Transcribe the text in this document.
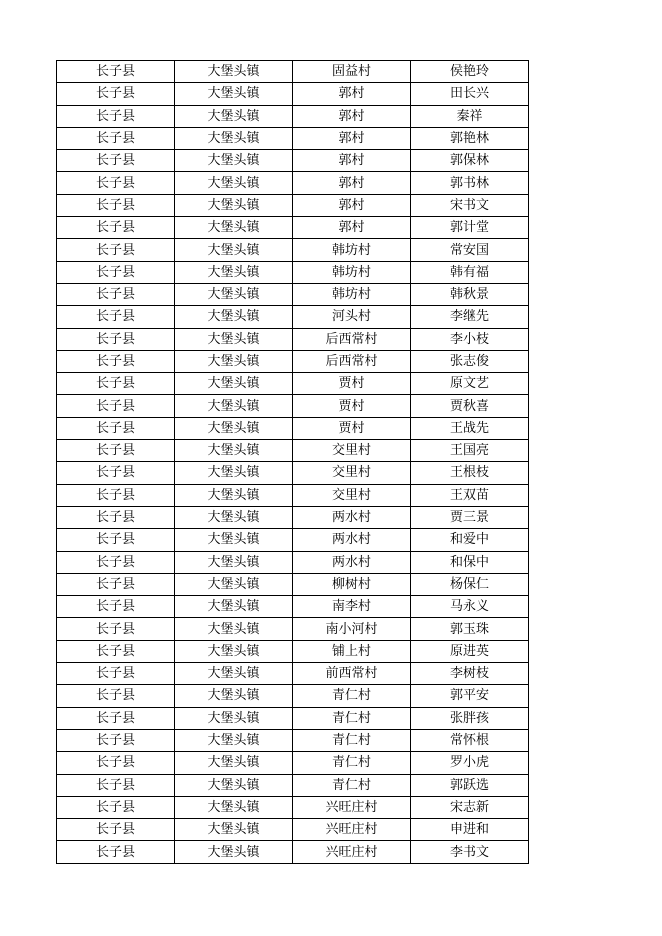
长子县	大堡头镇	固益村	侯艳玲
长子县	大堡头镇	郭村	田长兴
长子县	大堡头镇	郭村	秦祥
长子县	大堡头镇	郭村	郭艳林
长子县	大堡头镇	郭村	郭保林
长子县	大堡头镇	郭村	郭书林
长子县	大堡头镇	郭村	宋书文
长子县	大堡头镇	郭村	郭计堂
长子县	大堡头镇	韩坊村	常安国
长子县	大堡头镇	韩坊村	韩有福
长子县	大堡头镇	韩坊村	韩秋景
长子县	大堡头镇	河头村	李继先
长子县	大堡头镇	后西常村	李小枝
长子县	大堡头镇	后西常村	张志俊
长子县	大堡头镇	贾村	原文艺
长子县	大堡头镇	贾村	贾秋喜
长子县	大堡头镇	贾村	王战先
长子县	大堡头镇	交里村	王国亮
长子县	大堡头镇	交里村	王根枝
长子县	大堡头镇	交里村	王双苗
长子县	大堡头镇	两水村	贾三景
长子县	大堡头镇	两水村	和爱中
长子县	大堡头镇	两水村	和保中
长子县	大堡头镇	柳树村	杨保仁
长子县	大堡头镇	南李村	马永义
长子县	大堡头镇	南小河村	郭玉珠
长子县	大堡头镇	铺上村	原进英
长子县	大堡头镇	前西常村	李树枝
长子县	大堡头镇	青仁村	郭平安
长子县	大堡头镇	青仁村	张胖孩
长子县	大堡头镇	青仁村	常怀根
长子县	大堡头镇	青仁村	罗小虎
长子县	大堡头镇	青仁村	郭跃选
长子县	大堡头镇	兴旺庄村	宋志新
长子县	大堡头镇	兴旺庄村	申进和
长子县	大堡头镇	兴旺庄村	李书文
